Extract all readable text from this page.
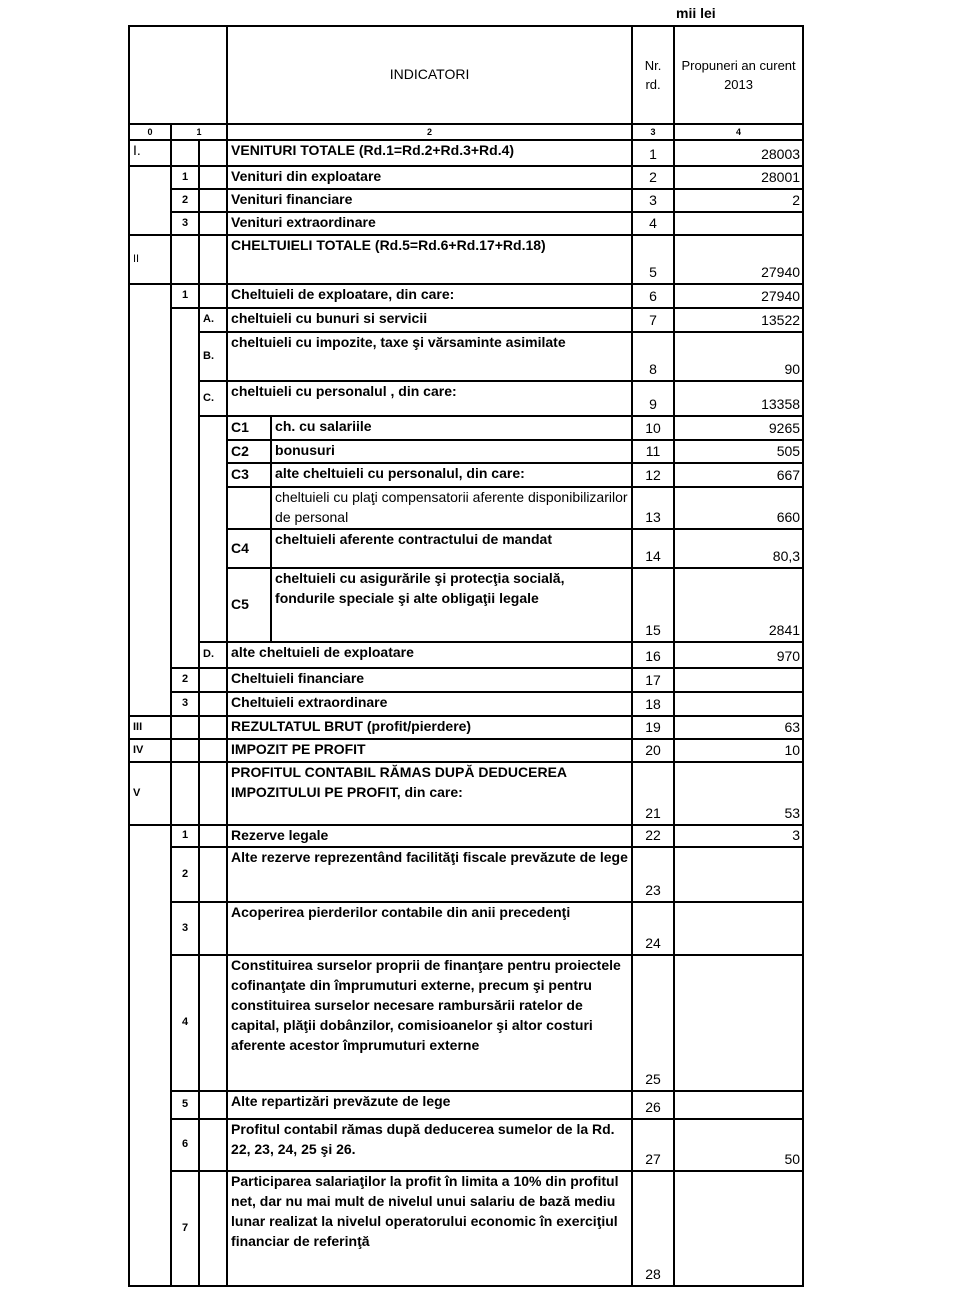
mii lei
			INDICATORI		Nr. rd.	Propuneri an curent 2013
0	1		2		3	4
I.			VENITURI TOTALE (Rd.1=Rd.2+Rd.3+Rd.4)		1	28003
	1		Venituri din exploatare		2	28001
	2		Venituri financiare		3	2
	3		Venituri extraordinare		4	
II			CHELTUIELI TOTALE (Rd.5=Rd.6+Rd.17+Rd.18)		5	27940
	1		Cheltuieli de exploatare, din care:		6	27940
		A.	cheltuieli cu bunuri si servicii		7	13522
		B.	cheltuieli cu impozite, taxe şi vărsaminte asimilate		8	90
		C.	cheltuieli cu personalul , din care:		9	13358
			C1	ch. cu salariile	10	9265
			C2	bonusuri	11	505
			C3	alte cheltuieli cu personalul, din care:	12	667
				cheltuieli cu plaţi compensatorii aferente disponibilizarilor de personal	13	660
			C4	cheltuieli aferente contractului de mandat	14	80,3
			C5	cheltuieli cu asigurările şi protecţia socială, fondurile speciale şi alte obligaţii legale	15	2841
		D.	alte cheltuieli de exploatare		16	970
	2		Cheltuieli financiare		17	
	3		Cheltuieli extraordinare		18	
III			REZULTATUL BRUT (profit/pierdere)		19	63
IV			IMPOZIT PE PROFIT		20	10
V			PROFITUL CONTABIL RĂMAS DUPĂ DEDUCEREA IMPOZITULUI PE PROFIT, din care:		21	53
	1		Rezerve legale		22	3
	2		Alte rezerve reprezentând facilităţi fiscale prevăzute de lege		23	
	3		Acoperirea pierderilor contabile din anii precedenţi		24	
	4		Constituirea surselor proprii de finanţare pentru proiectele cofinanţate din împrumuturi externe, precum şi pentru constituirea surselor necesare rambursării ratelor de capital, plăţii dobânzilor, comisioanelor şi altor costuri aferente acestor împrumuturi externe		25	
	5		Alte repartizări prevăzute de lege		26	
	6		Profitul contabil rămas după deducerea sumelor de la Rd. 22, 23, 24, 25 şi 26.		27	50
	7		Participarea salariaţilor la profit în limita a 10% din profitul net, dar nu mai mult de nivelul unui salariu de bază mediu lunar realizat la nivelul operatorului economic în exerciţiul financiar de referinţă		28	
